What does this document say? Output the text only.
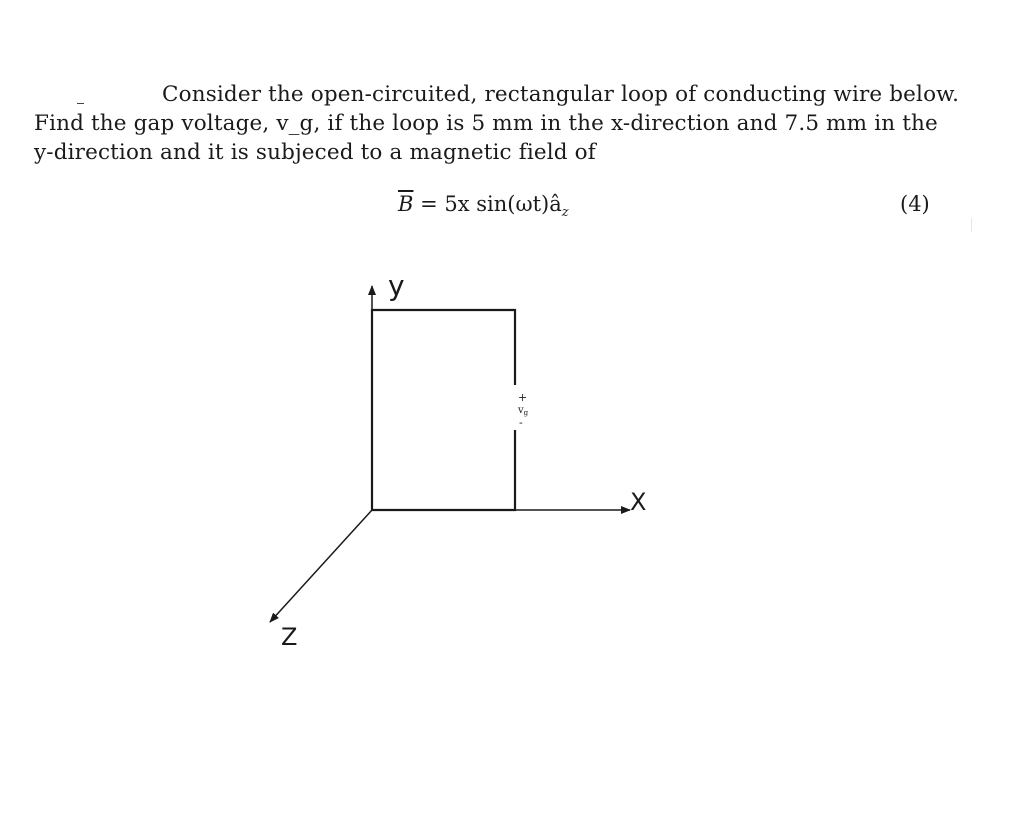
Consider the open-circuited, rectangular loop of conducting wire below.
Find the gap voltage, v_g, if the loop is 5 mm in the x-direction and 7.5 mm in the
y-direction and it is subjeced to a magnetic field of
$\overline{B} = 5x$ $\sin(\omega t)â_z$	(4)
y
X
Z
+
$v_g$
-
